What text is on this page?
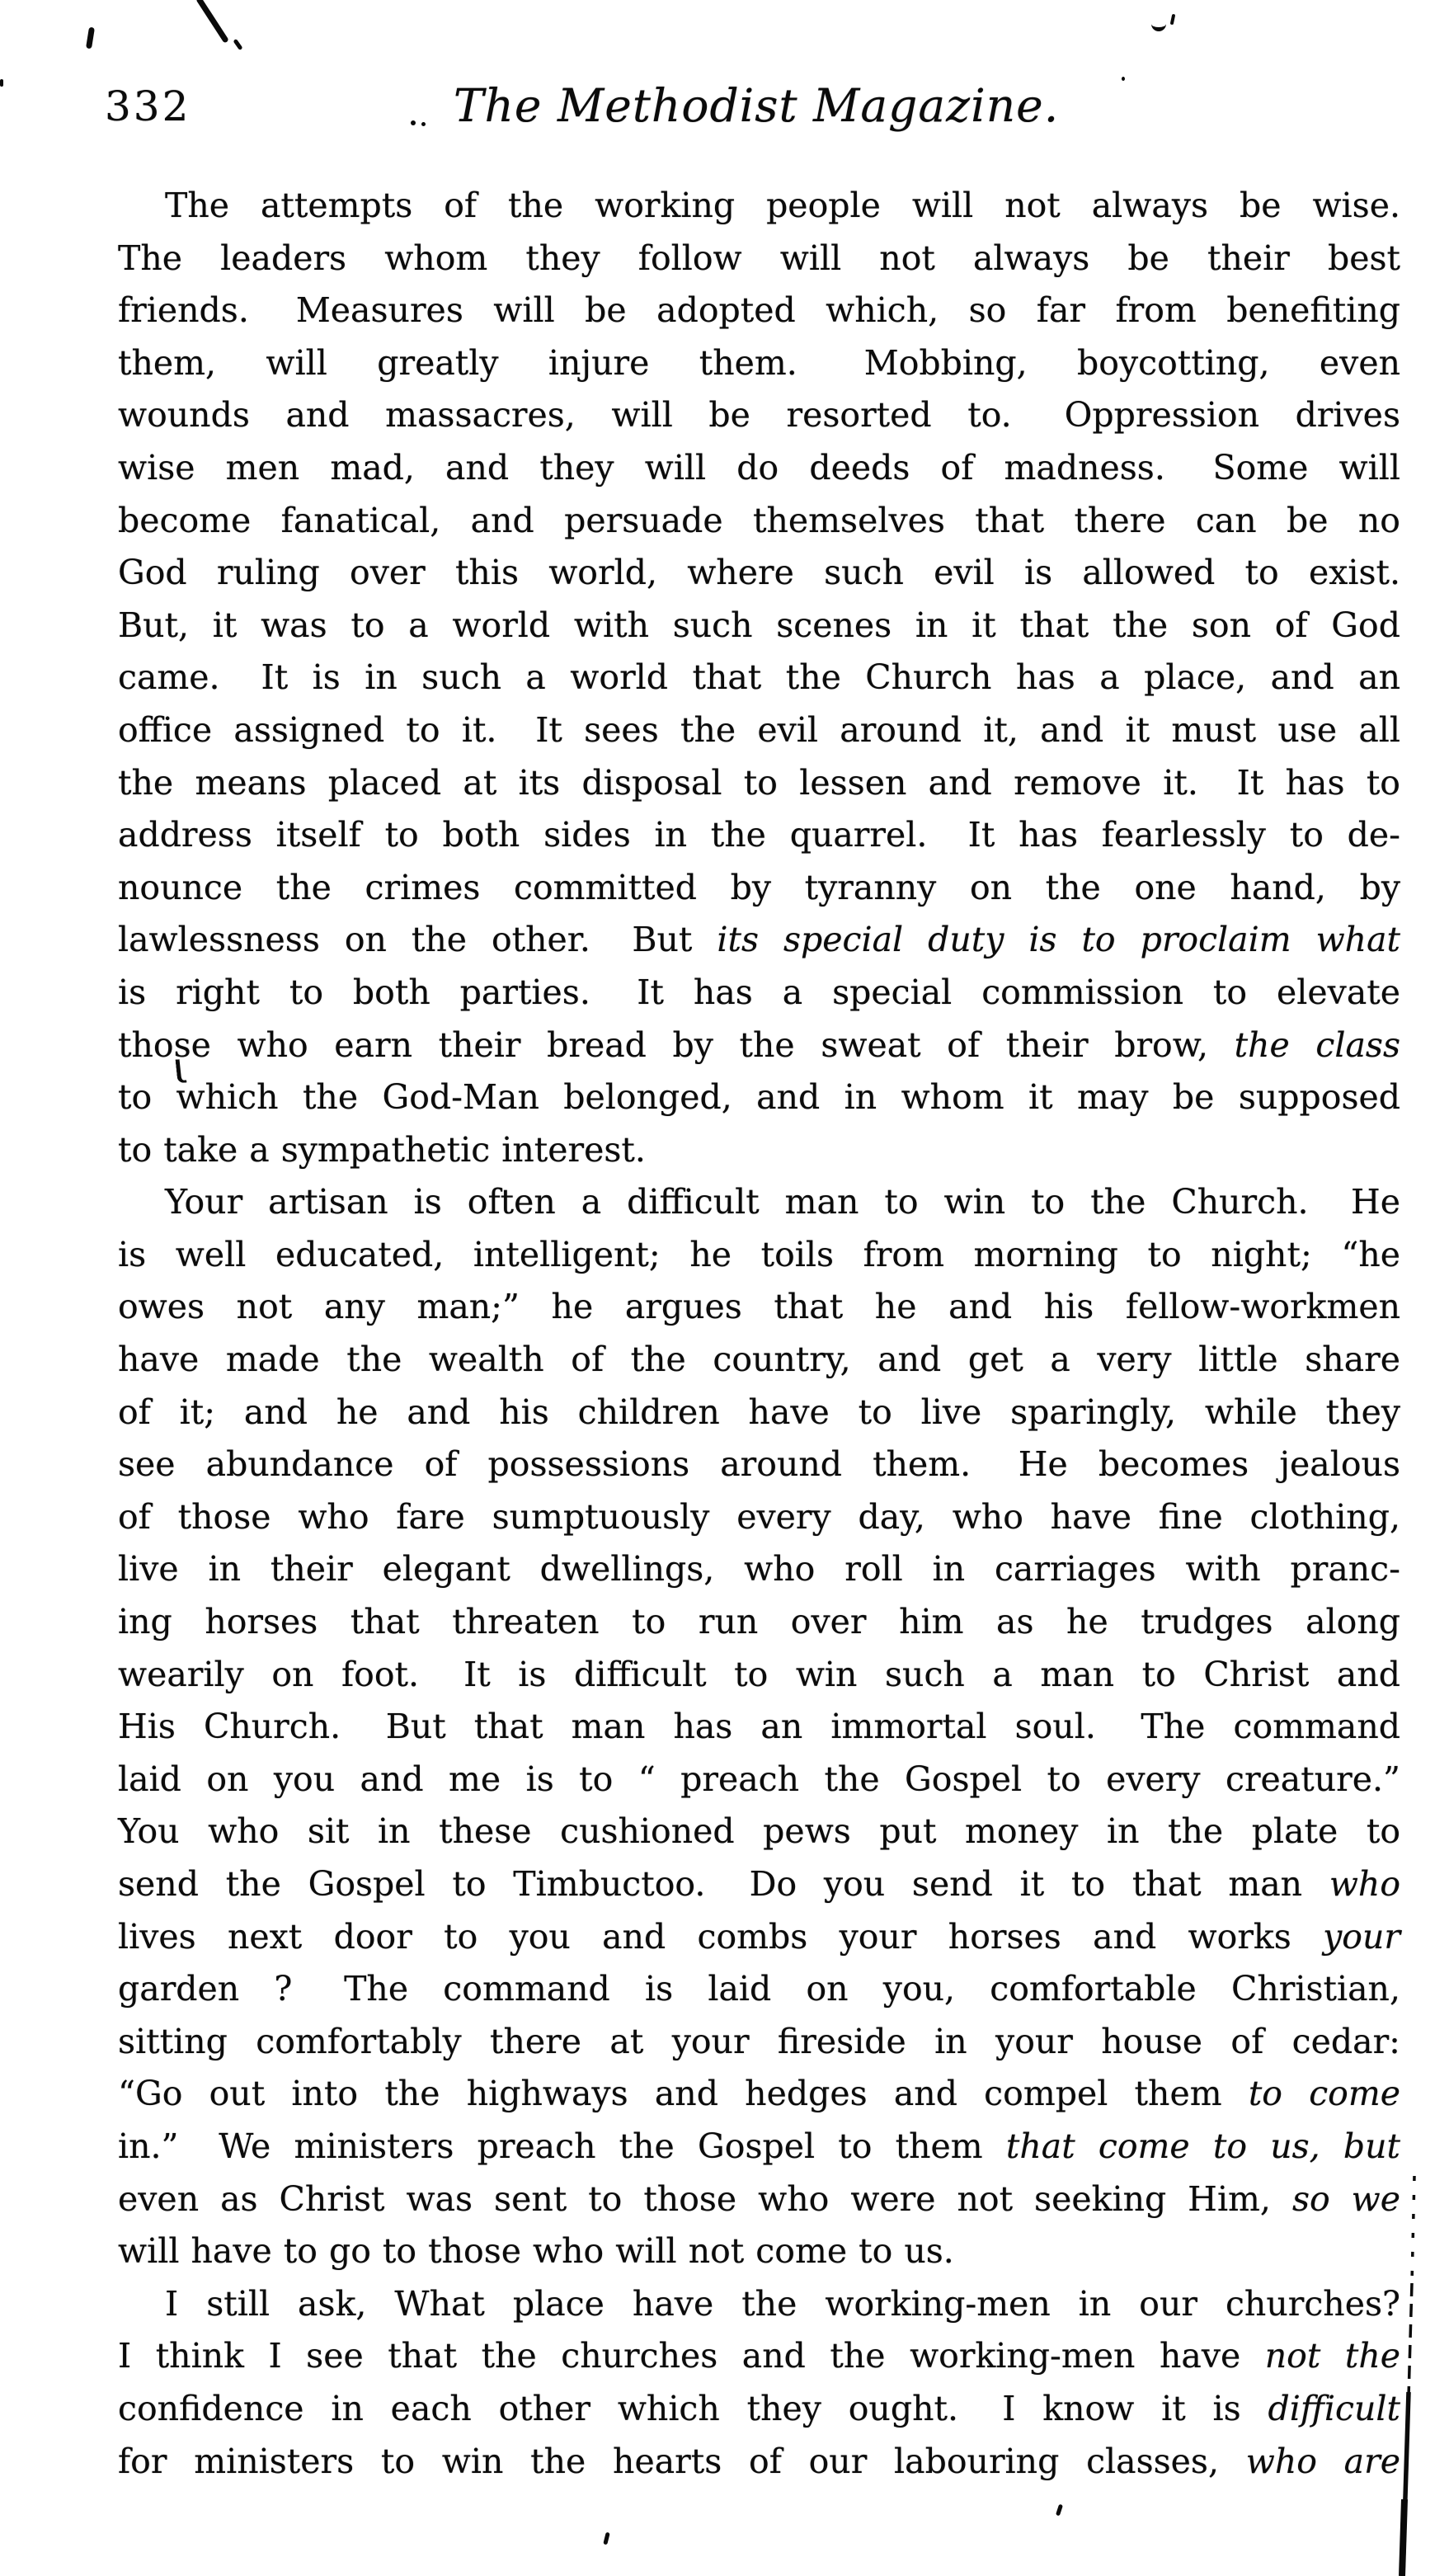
332	The Methodist Magazine.
The attempts of the working people will not always be wise.
The leaders whom they follow will not always be their best
friends.  Measures will be adopted which, so far from benefiting
them, will greatly injure them.  Mobbing, boycotting, even
wounds and massacres, will be resorted to.  Oppression drives
wise men mad, and they will do deeds of madness.  Some will
become fanatical, and persuade themselves that there can be no
God ruling over this world, where such evil is allowed to exist.
But, it was to a world with such scenes in it that the son of God
came.  It is in such a world that the Church has a place, and an
office assigned to it.  It sees the evil around it, and it must use all
the means placed at its disposal to lessen and remove it.  It has to
address itself to both sides in the quarrel.  It has fearlessly to de-
nounce the crimes committed by tyranny on the one hand, by
lawlessness on the other.  But its special duty is to proclaim what
is right to both parties.  It has a special commission to elevate
those who earn their bread by the sweat of their brow, the class
to which the God-Man belonged, and in whom it may be supposed
to take a sympathetic interest.
Your artisan is often a difficult man to win to the Church.  He
is well educated, intelligent; he toils from morning to night; “he
owes not any man;” he argues that he and his fellow-workmen
have made the wealth of the country, and get a very little share
of it; and he and his children have to live sparingly, while they
see abundance of possessions around them.  He becomes jealous
of those who fare sumptuously every day, who have fine clothing,
live in their elegant dwellings, who roll in carriages with pranc-
ing horses that threaten to run over him as he trudges along
wearily on foot.  It is difficult to win such a man to Christ and
His Church.  But that man has an immortal soul.  The command
laid on you and me is to “ preach the Gospel to every creature.”
You who sit in these cushioned pews put money in the plate to
send the Gospel to Timbuctoo.  Do you send it to that man who
lives next door to you and combs your horses and works your
garden ?  The command is laid on you, comfortable Christian,
sitting comfortably there at your fireside in your house of cedar:
“Go out into the highways and hedges and compel them to come
in.”  We ministers preach the Gospel to them that come to us, but
even as Christ was sent to those who were not seeking Him, so we
will have to go to those who will not come to us.
I still ask, What place have the working-men in our churches?
I think I see that the churches and the working-men have not the
confidence in each other which they ought.  I know it is difficult
for ministers to win the hearts of our labouring classes, who are
